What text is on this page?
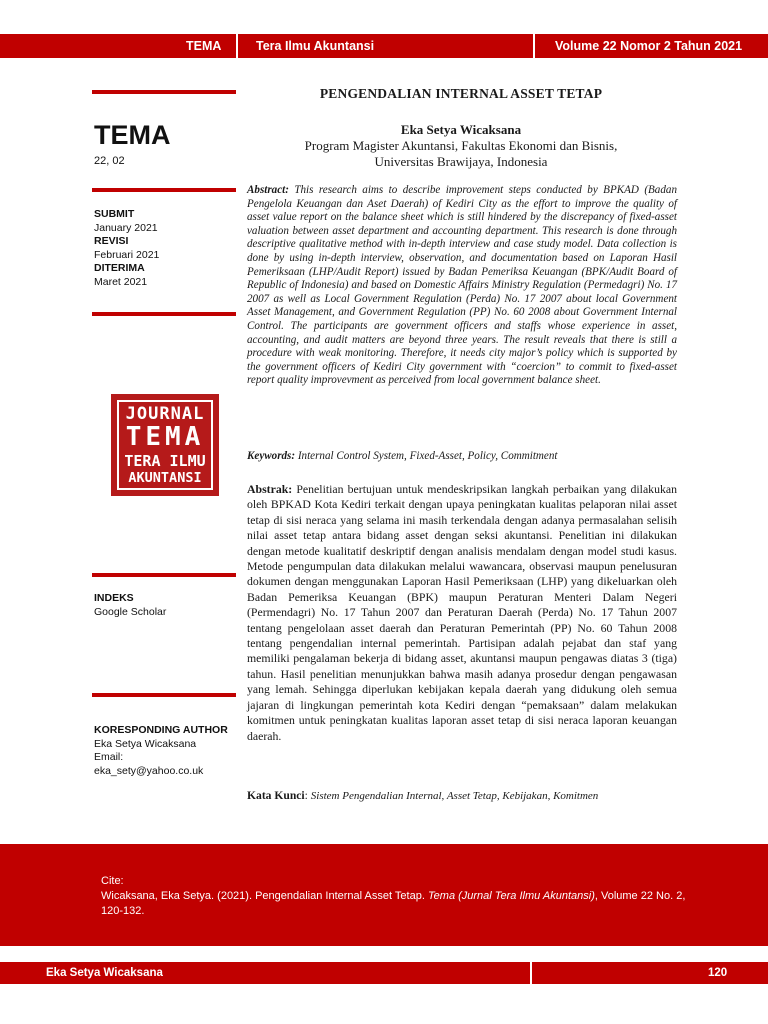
TEMA	Tera Ilmu Akuntansi	Volume 22 Nomor 2 Tahun 2021
TEMA
22, 02
SUBMIT
January 2021
REVISI
Februari 2021
DITERIMA
Maret 2021
JOURNAL
TEMA
TERA ILMU
AKUNTANSI
INDEKS
Google Scholar
KORESPONDING AUTHOR
Eka Setya Wicaksana
Email:
eka_sety@yahoo.co.uk
PENGENDALIAN INTERNAL ASSET TETAP
Eka Setya Wicaksana
Program Magister Akuntansi, Fakultas Ekonomi dan Bisnis,
Universitas Brawijaya, Indonesia
Abstract: This research aims to describe improvement steps conducted by BPKAD (Badan Pengelola Keuangan dan Aset Daerah) of Kediri City as the effort to improve the quality of asset value report on the balance sheet which is still hindered by the discrepancy of fixed-asset valuation between asset department and accounting department. This research is done through descriptive qualitative method with in-depth interview and case study model. Data collection is done by using in-depth interview, observation, and documentation based on Laporan Hasil Pemeriksaan (LHP/Audit Report) issued by Badan Pemeriksa Keuangan (BPK/Audit Board of Republic of Indonesia) and based on Domestic Affairs Ministry Regulation (Permedagri) No. 17 2007 as well as Local Government Regulation (Perda) No. 17 2007 about local Government Asset Management, and Government Regulation (PP) No. 60 2008 about Government Internal Control. The participants are government officers and staffs whose experience in asset, accounting, and audit matters are beyond three years. The result reveals that there is still a procedure with weak monitoring. Therefore, it needs city major’s policy which is supported by the government officers of Kediri City government with “coercion” to commit to fixed-asset report quality improvevment as perceived from local government balance sheet.
Keywords: Internal Control System, Fixed-Asset, Policy, Commitment
Abstrak: Penelitian bertujuan untuk mendeskripsikan langkah perbaikan yang dilakukan oleh BPKAD Kota Kediri terkait dengan upaya peningkatan kualitas pelaporan nilai asset tetap di sisi neraca yang selama ini masih terkendala dengan adanya permasalahan selisih nilai asset tetap antara bidang asset dengan seksi akuntansi. Penelitian ini dilakukan dengan metode kualitatif deskriptif dengan analisis mendalam dengan model studi kasus. Metode pengumpulan data dilakukan melalui wawancara, observasi maupun penelusuran dokumen dengan menggunakan Laporan Hasil Pemeriksaan (LHP) yang dikeluarkan oleh Badan Pemeriksa Keuangan (BPK) maupun Peraturan Menteri Dalam Negeri (Permendagri) No. 17 Tahun 2007 dan Peraturan Daerah (Perda) No. 17 Tahun 2007 tentang pengelolaan asset daerah dan Peraturan Pemerintah (PP) No. 60 Tahun 2008 tentang pengendalian internal pemerintah. Partisipan adalah pejabat dan staf yang memiliki pengalaman bekerja di bidang asset, akuntansi maupun pengawas diatas 3 (tiga) tahun. Hasil penelitian menunjukkan bahwa masih adanya prosedur dengan pengawasan yang lemah. Sehingga diperlukan kebijakan kepala daerah yang didukung oleh semua jajaran di lingkungan pemerintah kota Kediri dengan “pemaksaan” dalam melakukan komitmen untuk peningkatan kualitas laporan asset tetap di sisi neraca laporan keuangan daerah.
Kata Kunci: Sistem Pengendalian Internal, Asset Tetap, Kebijakan, Komitmen
Cite:
Wicaksana, Eka Setya. (2021). Pengendalian Internal Asset Tetap. Tema (Jurnal Tera Ilmu Akuntansi), Volume 22 No. 2, 120-132.
Eka Setya Wicaksana	120
